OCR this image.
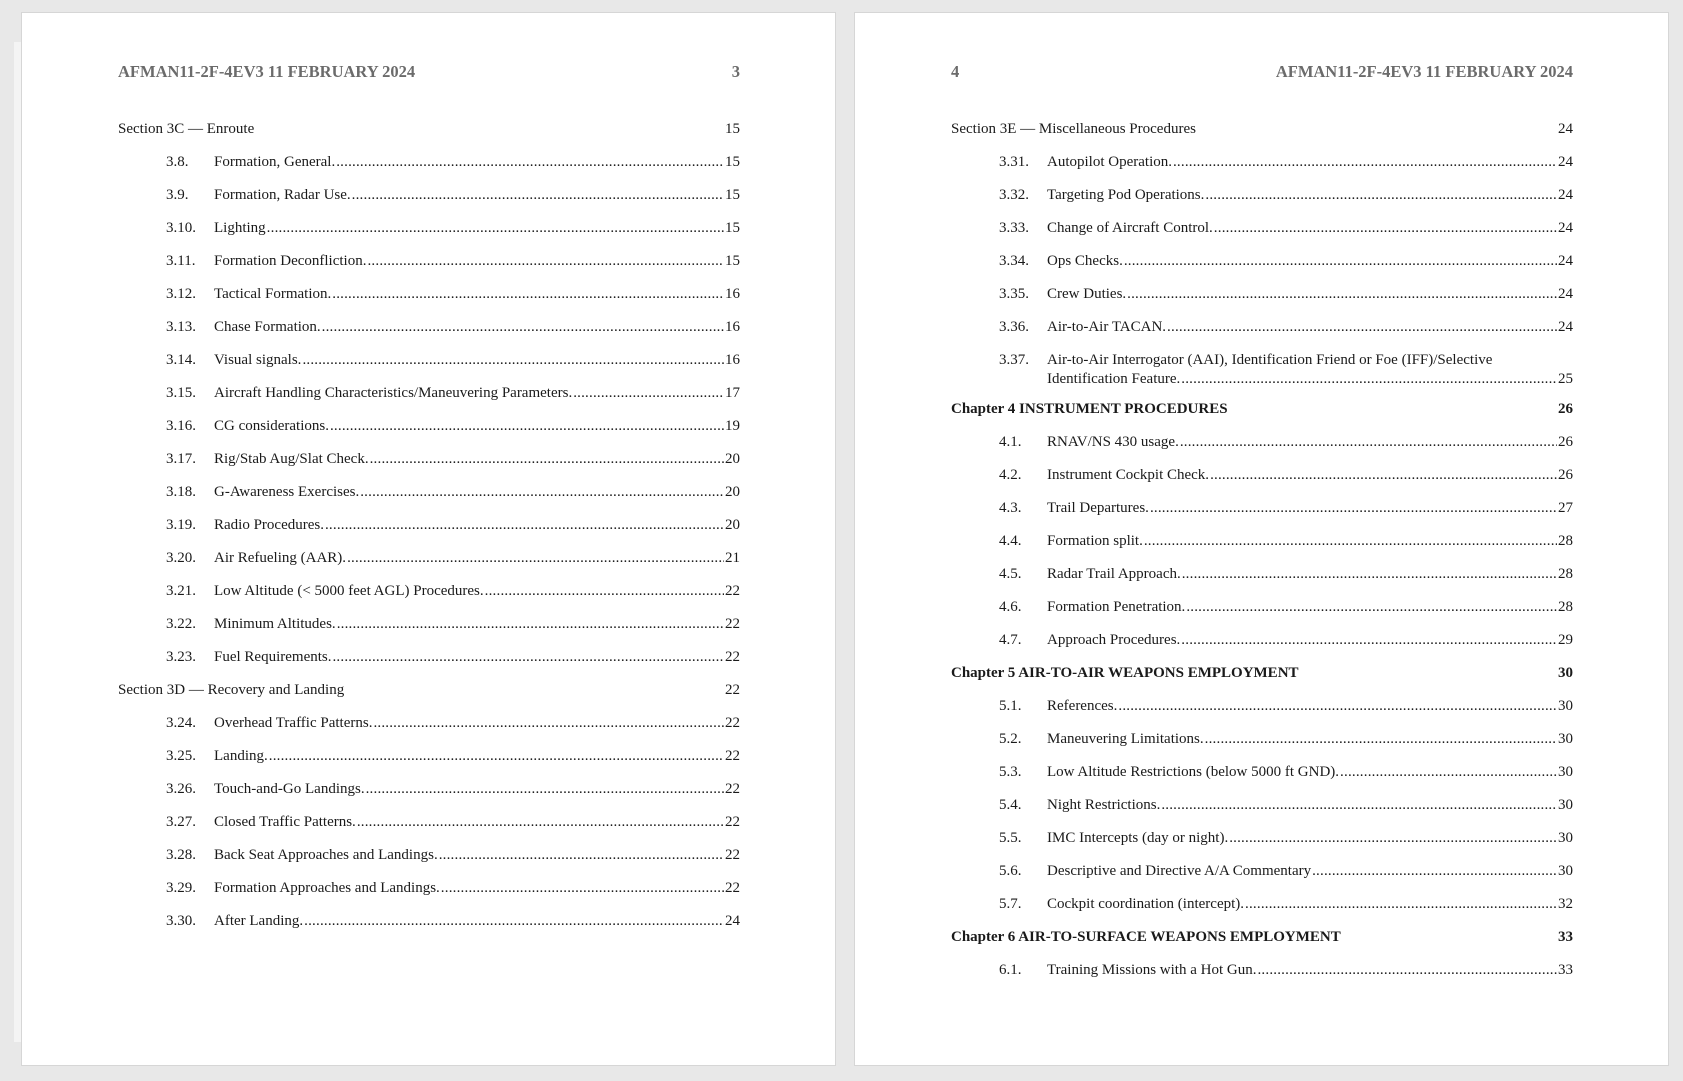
AFMAN11-2F-4EV3 11 FEBRUARY 2024	3
Section 3C — Enroute	15
3.8. Formation, General. .....	15
3.9. Formation, Radar Use. .....	15
3.10. Lighting .....	15
3.11. Formation Deconfliction. .....	15
3.12. Tactical Formation. .....	16
3.13. Chase Formation. .....	16
3.14. Visual signals. .....	16
3.15. Aircraft Handling Characteristics/Maneuvering Parameters. .....	17
3.16. CG considerations. .....	19
3.17. Rig/Stab Aug/Slat Check. .....	20
3.18. G-Awareness Exercises. .....	20
3.19. Radio Procedures. .....	20
3.20. Air Refueling (AAR). .....	21
3.21. Low Altitude (< 5000 feet AGL) Procedures. .....	22
3.22. Minimum Altitudes. .....	22
3.23. Fuel Requirements. .....	22
Section 3D — Recovery and Landing	22
3.24. Overhead Traffic Patterns. .....	22
3.25. Landing. .....	22
3.26. Touch-and-Go Landings. .....	22
3.27. Closed Traffic Patterns. .....	22
3.28. Back Seat Approaches and Landings. .....	22
3.29. Formation Approaches and Landings. .....	22
3.30. After Landing. .....	24
4	AFMAN11-2F-4EV3 11 FEBRUARY 2024
Section 3E — Miscellaneous Procedures	24
3.31. Autopilot Operation. .....	24
3.32. Targeting Pod Operations. .....	24
3.33. Change of Aircraft Control. .....	24
3.34. Ops Checks. .....	24
3.35. Crew Duties. .....	24
3.36. Air-to-Air TACAN. .....	24
3.37. Air-to-Air Interrogator (AAI), Identification Friend or Foe (IFF)/Selective
Identification Feature. .....	25
Chapter 4 INSTRUMENT PROCEDURES	26
4.1. RNAV/NS 430 usage. .....	26
4.2. Instrument Cockpit Check. .....	26
4.3. Trail Departures. .....	27
4.4. Formation split. .....	28
4.5. Radar Trail Approach. .....	28
4.6. Formation Penetration. .....	28
4.7. Approach Procedures. .....	29
Chapter 5 AIR-TO-AIR WEAPONS EMPLOYMENT	30
5.1. References. .....	30
5.2. Maneuvering Limitations. .....	30
5.3. Low Altitude Restrictions (below 5000 ft GND). .....	30
5.4. Night Restrictions. .....	30
5.5. IMC Intercepts (day or night). .....	30
5.6. Descriptive and Directive A/A Commentary .....	30
5.7. Cockpit coordination (intercept). .....	32
Chapter 6 AIR-TO-SURFACE WEAPONS EMPLOYMENT	33
6.1. Training Missions with a Hot Gun. .....	33
